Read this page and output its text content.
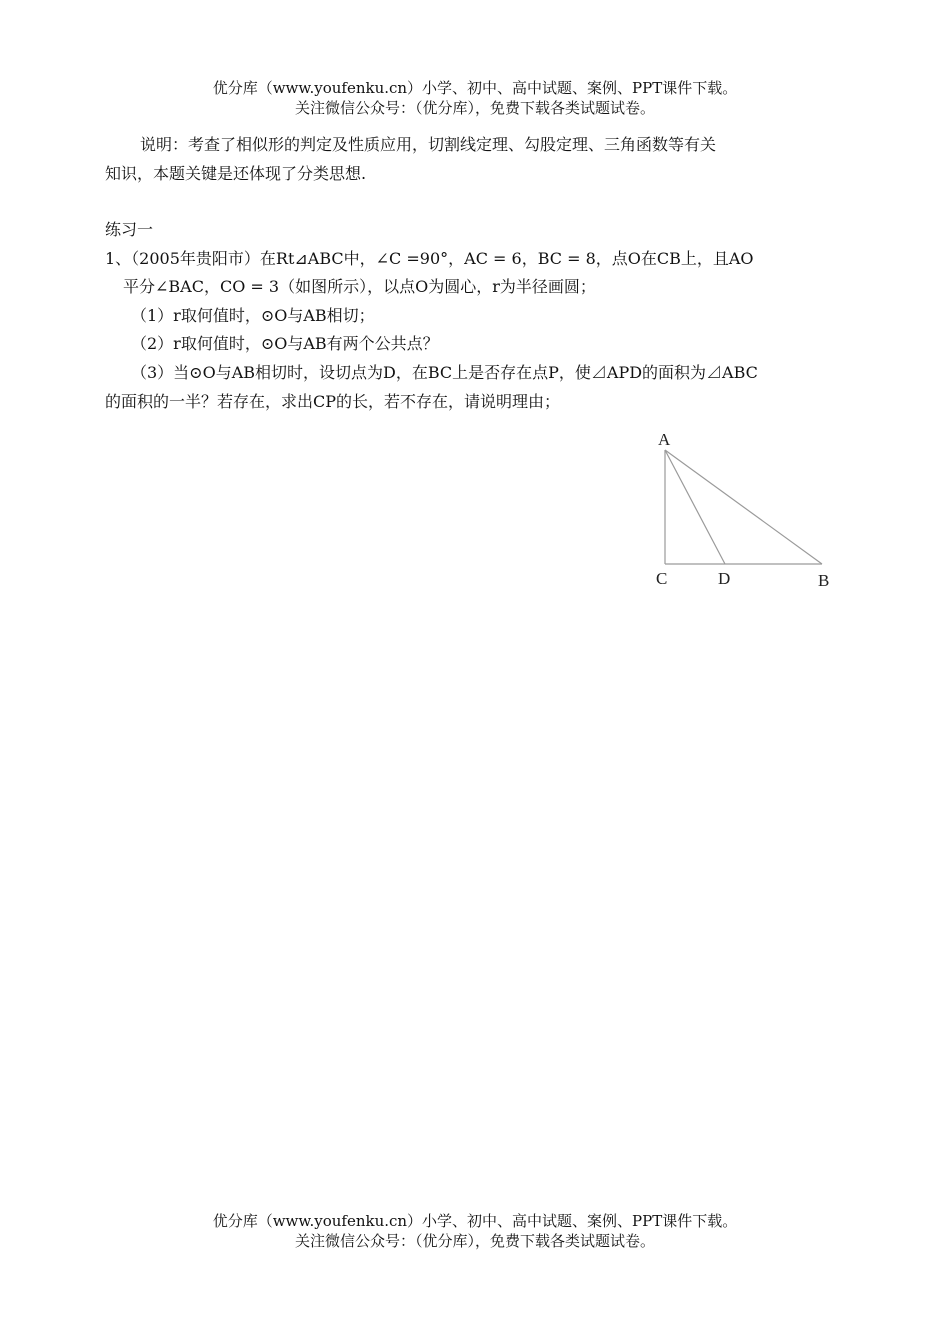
优分库（www.youfenku.cn）小学、初中、高中试题、案例、PPT课件下载。
关注微信公众号：（优分库），免费下载各类试题试卷。
说明：考查了相似形的判定及性质应用，切割线定理、勾股定理、三角函数等有关
知识，本题关键是还体现了分类思想.
练习一
1、（2005年贵阳市）在Rt⊿ABC中，∠C =90°，AC = 6，BC = 8，点O在CB上，且AO
平分∠BAC，CO = 3（如图所示），以点O为圆心，r为半径画圆；
（1）r取何值时，⊙O与AB相切；
（2）r取何值时，⊙O与AB有两个公共点？
（3）当⊙O与AB相切时，设切点为D，在BC上是否存在点P，使⊿APD的面积为⊿ABC
的面积的一半？若存在，求出CP的长，若不存在，请说明理由；
A
C	D	B
优分库（www.youfenku.cn）小学、初中、高中试题、案例、PPT课件下载。
关注微信公众号：（优分库），免费下载各类试题试卷。
